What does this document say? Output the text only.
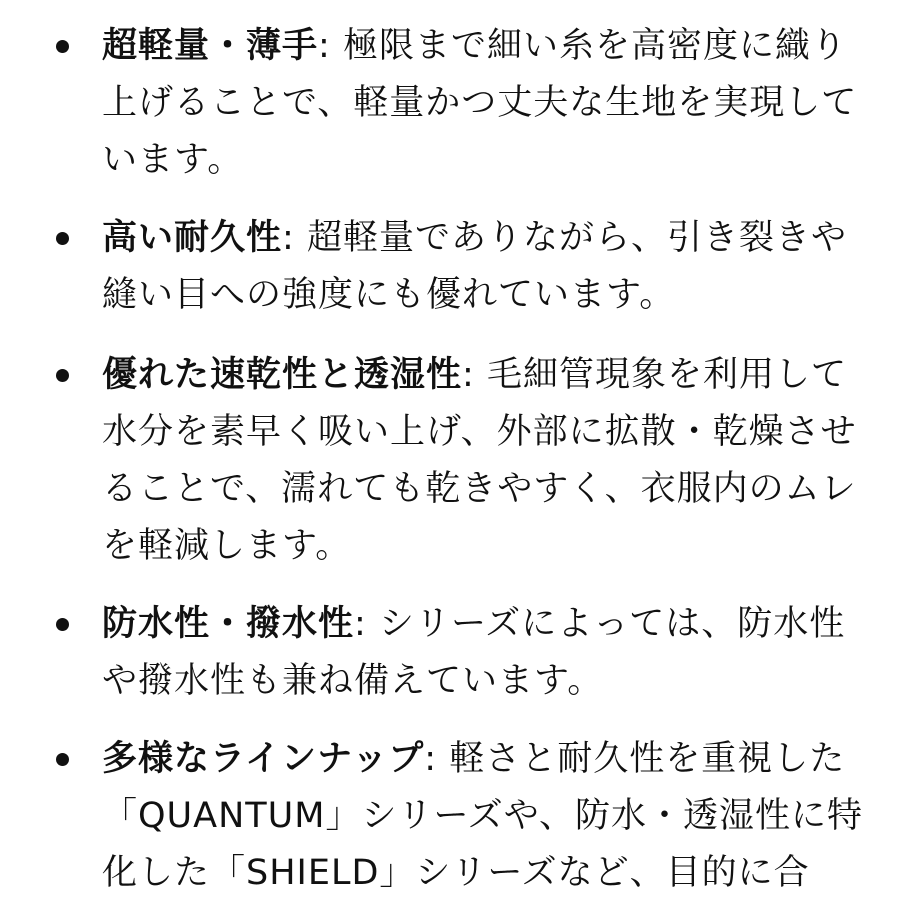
超軽量・薄手: 極限まで細い糸を高密度に織り上げることで、軽量かつ丈夫な生地を実現しています。
高い耐久性: 超軽量でありながら、引き裂きや縫い目への強度にも優れています。
優れた速乾性と透湿性: 毛細管現象を利用して水分を素早く吸い上げ、外部に拡散・乾燥させることで、濡れても乾きやすく、衣服内のムレを軽減します。
防水性・撥水性: シリーズによっては、防水性や撥水性も兼ね備えています。
多様なラインナップ: 軽さと耐久性を重視した「QUANTUM」シリーズや、防水・透湿性に特化した「SHIELD」シリーズなど、目的に合
